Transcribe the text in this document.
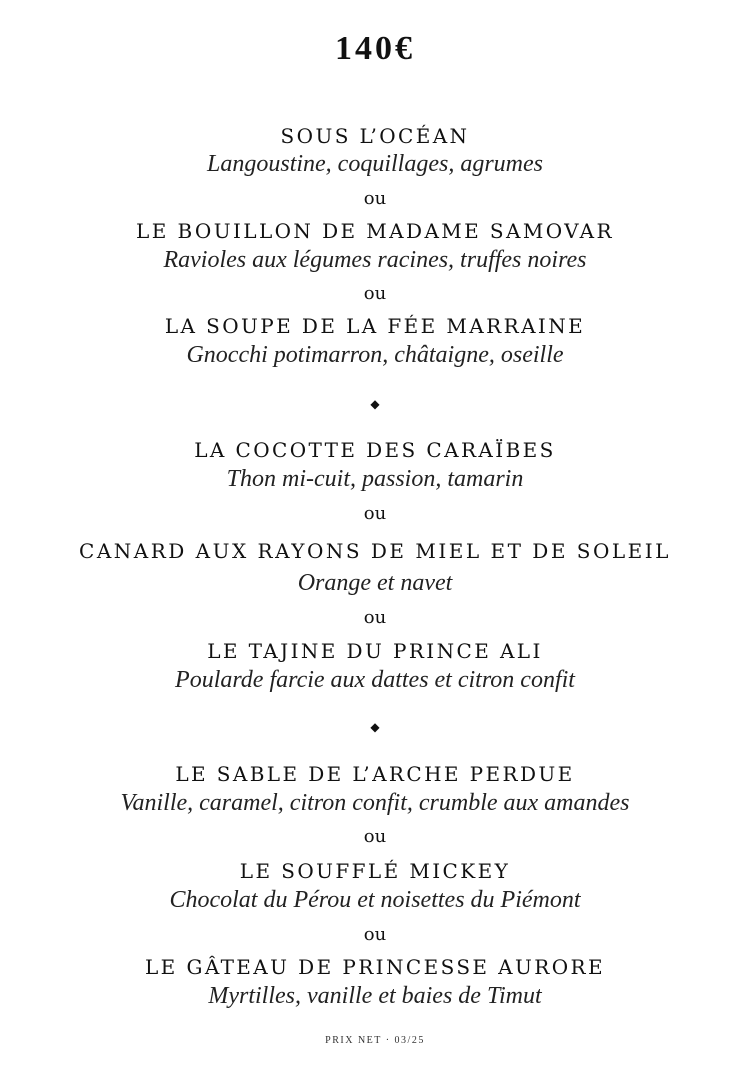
140€
SOUS L’OCÉAN
Langoustine, coquillages, agrumes
ou
LE BOUILLON DE MADAME SAMOVAR
Ravioles aux légumes racines, truffes noires
ou
LA SOUPE DE LA FÉE MARRAINE
Gnocchi potimarron, châtaigne, oseille
◆
LA COCOTTE DES CARAÏBES
Thon mi-cuit, passion, tamarin
ou
CANARD AUX RAYONS DE MIEL ET DE SOLEIL
Orange et navet
ou
LE TAJINE DU PRINCE ALI
Poularde farcie aux dattes et citron confit
◆
LE SABLE DE L’ARCHE PERDUE
Vanille, caramel, citron confit, crumble aux amandes
ou
LE SOUFFLÉ MICKEY
Chocolat du Pérou et noisettes du Piémont
ou
LE GÂTEAU DE PRINCESSE AURORE
Myrtilles, vanille et baies de Timut
PRIX NET · 03/25
